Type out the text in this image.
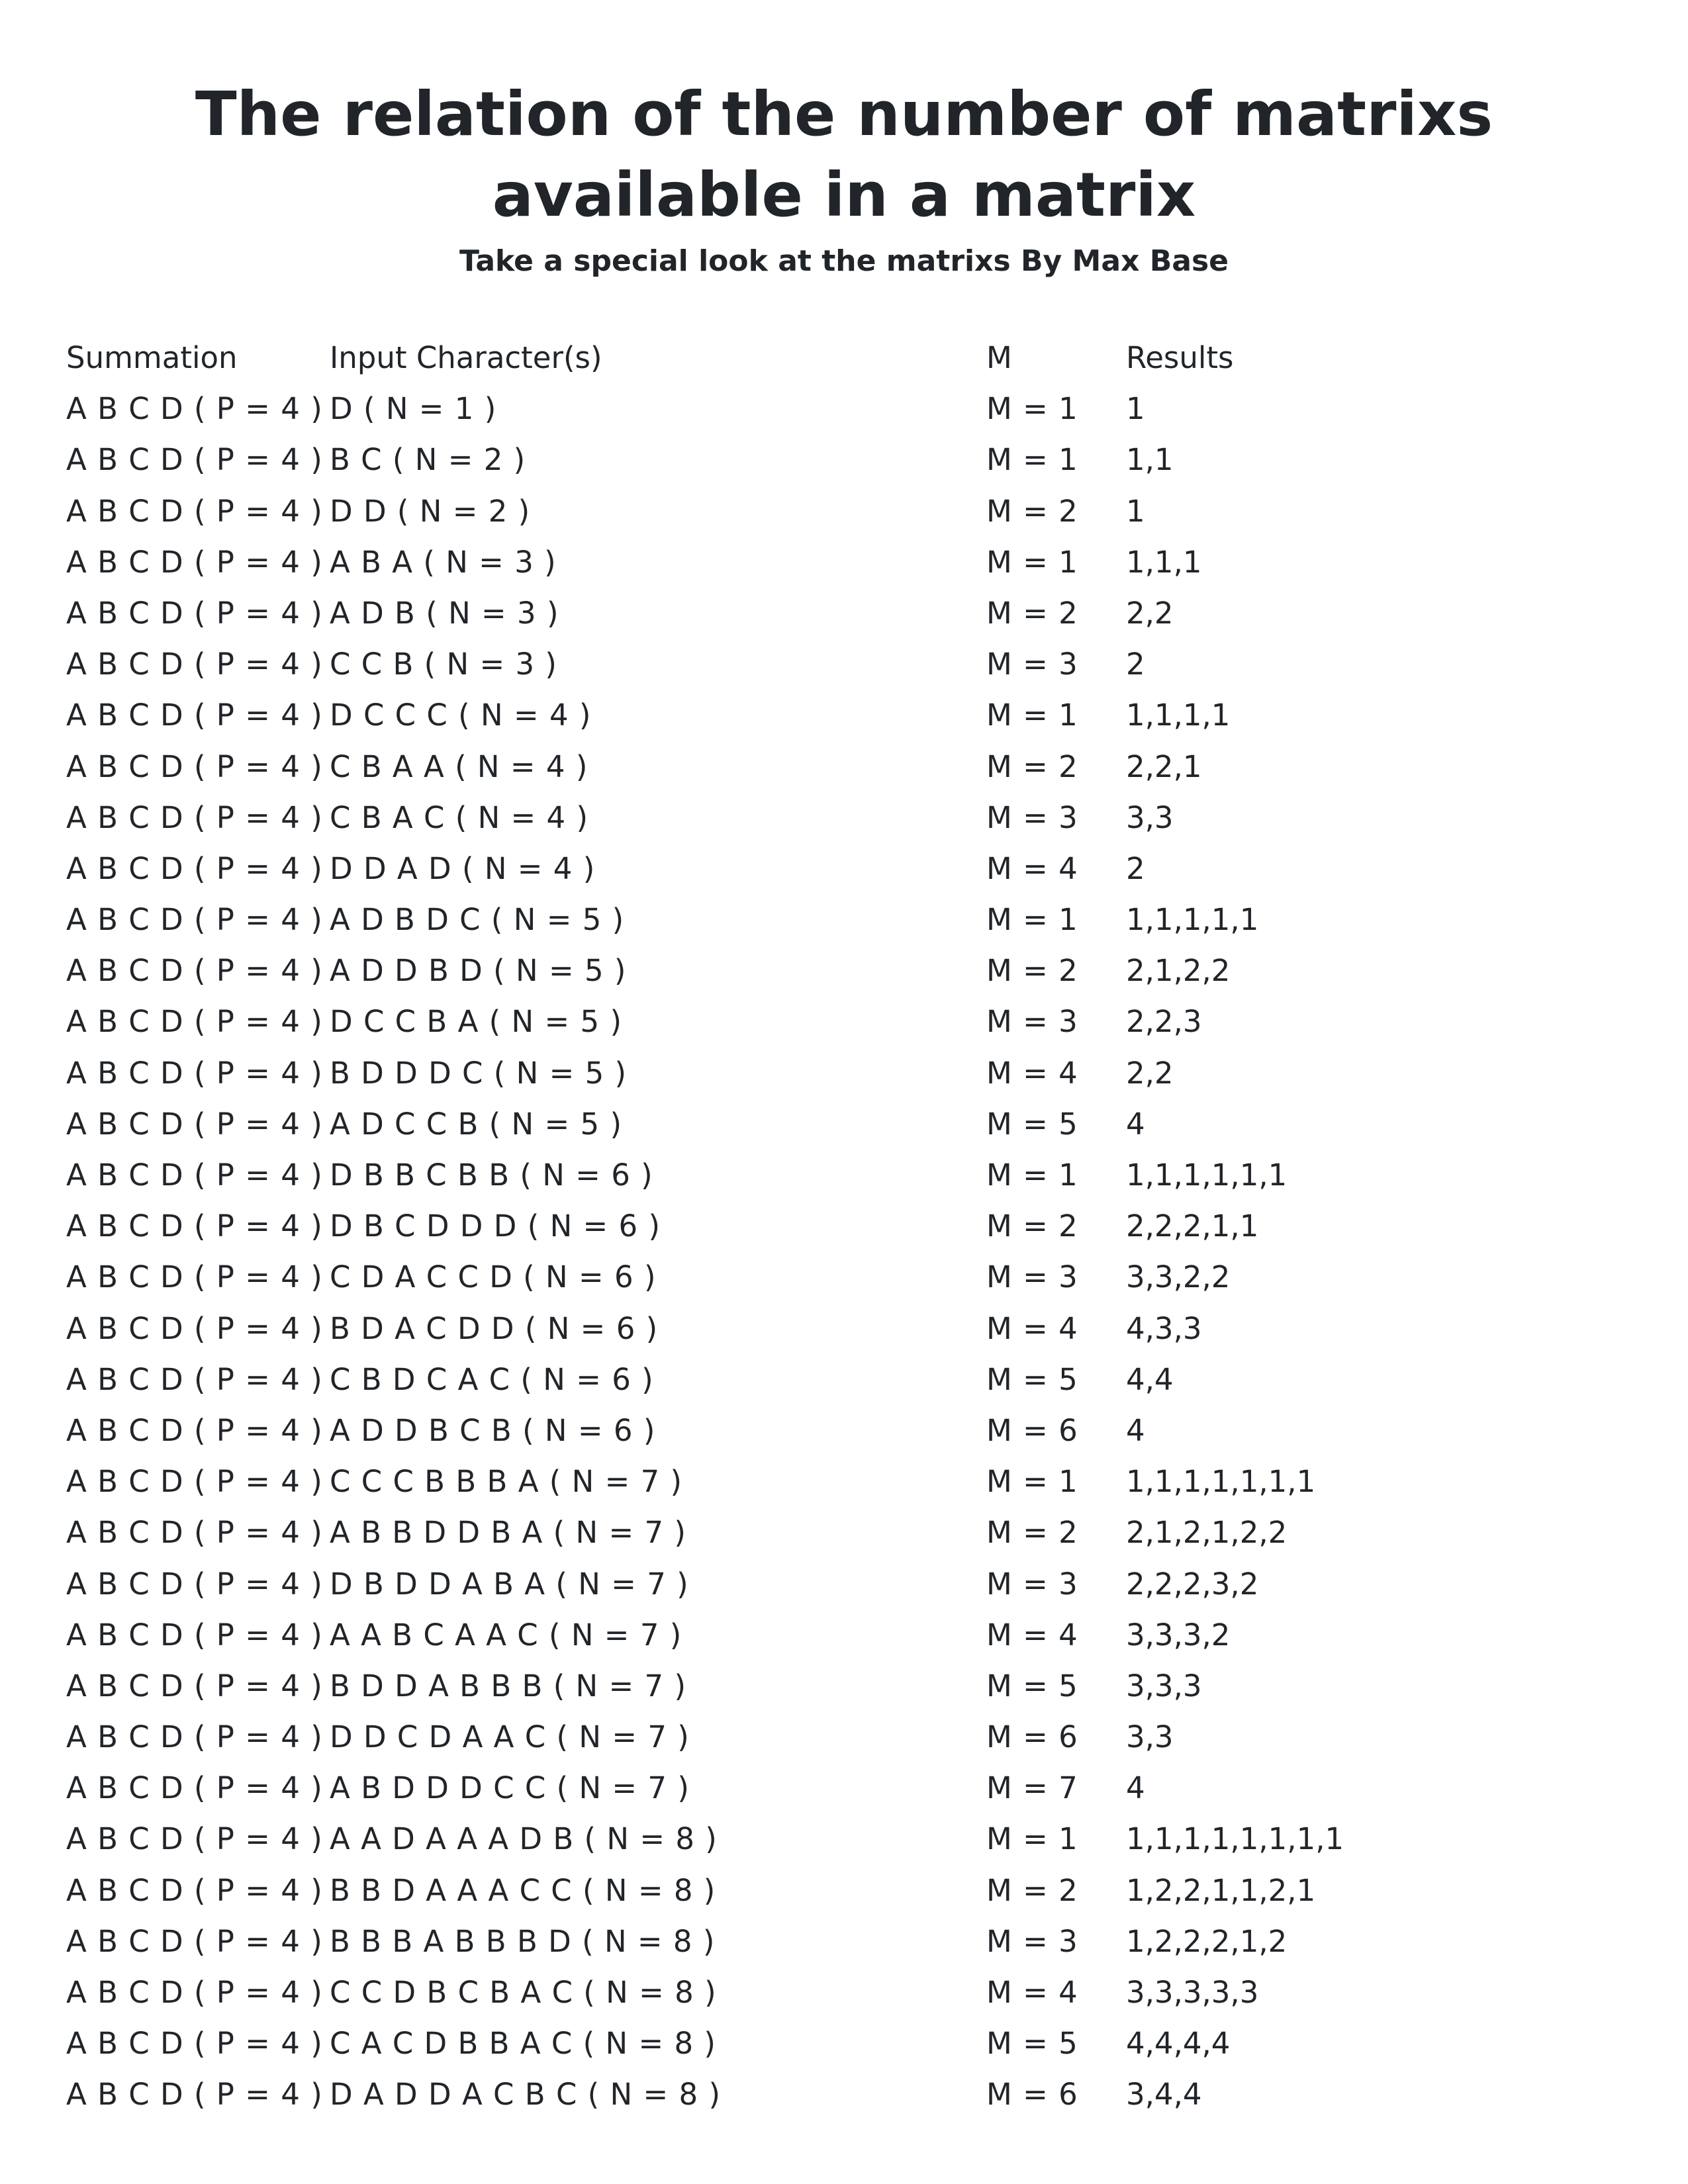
The relation of the number of matrixs available in a matrix
Take a special look at the matrixs By Max Base
Summation	Input Character(s)	M	Results
A B C D ( P = 4 ) D ( N = 1 )	M = 1 1
A B C D ( P = 4 ) B C ( N = 2 )	M = 1 1,1
A B C D ( P = 4 ) D D ( N = 2 )	M = 2 1
A B C D ( P = 4 ) A B A ( N = 3 )	M = 1 1,1,1
A B C D ( P = 4 ) A D B ( N = 3 )	M = 2 2,2
A B C D ( P = 4 ) C C B ( N = 3 )	M = 3 2
A B C D ( P = 4 ) D C C C ( N = 4 )	M = 1 1,1,1,1
A B C D ( P = 4 ) C B A A ( N = 4 )	M = 2 2,2,1
A B C D ( P = 4 ) C B A C ( N = 4 )	M = 3 3,3
A B C D ( P = 4 ) D D A D ( N = 4 )	M = 4 2
A B C D ( P = 4 ) A D B D C ( N = 5 )	M = 1 1,1,1,1,1
A B C D ( P = 4 ) A D D B D ( N = 5 )	M = 2 2,1,2,2
A B C D ( P = 4 ) D C C B A ( N = 5 )	M = 3 2,2,3
A B C D ( P = 4 ) B D D D C ( N = 5 )	M = 4 2,2
A B C D ( P = 4 ) A D C C B ( N = 5 )	M = 5 4
A B C D ( P = 4 ) D B B C B B ( N = 6 )	M = 1 1,1,1,1,1,1
A B C D ( P = 4 ) D B C D D D ( N = 6 )	M = 2 2,2,2,1,1
A B C D ( P = 4 ) C D A C C D ( N = 6 )	M = 3 3,3,2,2
A B C D ( P = 4 ) B D A C D D ( N = 6 )	M = 4 4,3,3
A B C D ( P = 4 ) C B D C A C ( N = 6 )	M = 5 4,4
A B C D ( P = 4 ) A D D B C B ( N = 6 )	M = 6 4
A B C D ( P = 4 ) C C C B B B A ( N = 7 )	M = 1 1,1,1,1,1,1,1
A B C D ( P = 4 ) A B B D D B A ( N = 7 )	M = 2 2,1,2,1,2,2
A B C D ( P = 4 ) D B D D A B A ( N = 7 )	M = 3 2,2,2,3,2
A B C D ( P = 4 ) A A B C A A C ( N = 7 )	M = 4 3,3,3,2
A B C D ( P = 4 ) B D D A B B B ( N = 7 )	M = 5 3,3,3
A B C D ( P = 4 ) D D C D A A C ( N = 7 )	M = 6 3,3
A B C D ( P = 4 ) A B D D D C C ( N = 7 )	M = 7 4
A B C D ( P = 4 ) A A D A A A D B ( N = 8 )	M = 1 1,1,1,1,1,1,1,1
A B C D ( P = 4 ) B B D A A A C C ( N = 8 )	M = 2 1,2,2,1,1,2,1
A B C D ( P = 4 ) B B B A B B B D ( N = 8 )	M = 3 1,2,2,2,1,2
A B C D ( P = 4 ) C C D B C B A C ( N = 8 )	M = 4 3,3,3,3,3
A B C D ( P = 4 ) C A C D B B A C ( N = 8 )	M = 5 4,4,4,4
A B C D ( P = 4 ) D A D D A C B C ( N = 8 )	M = 6 3,4,4
